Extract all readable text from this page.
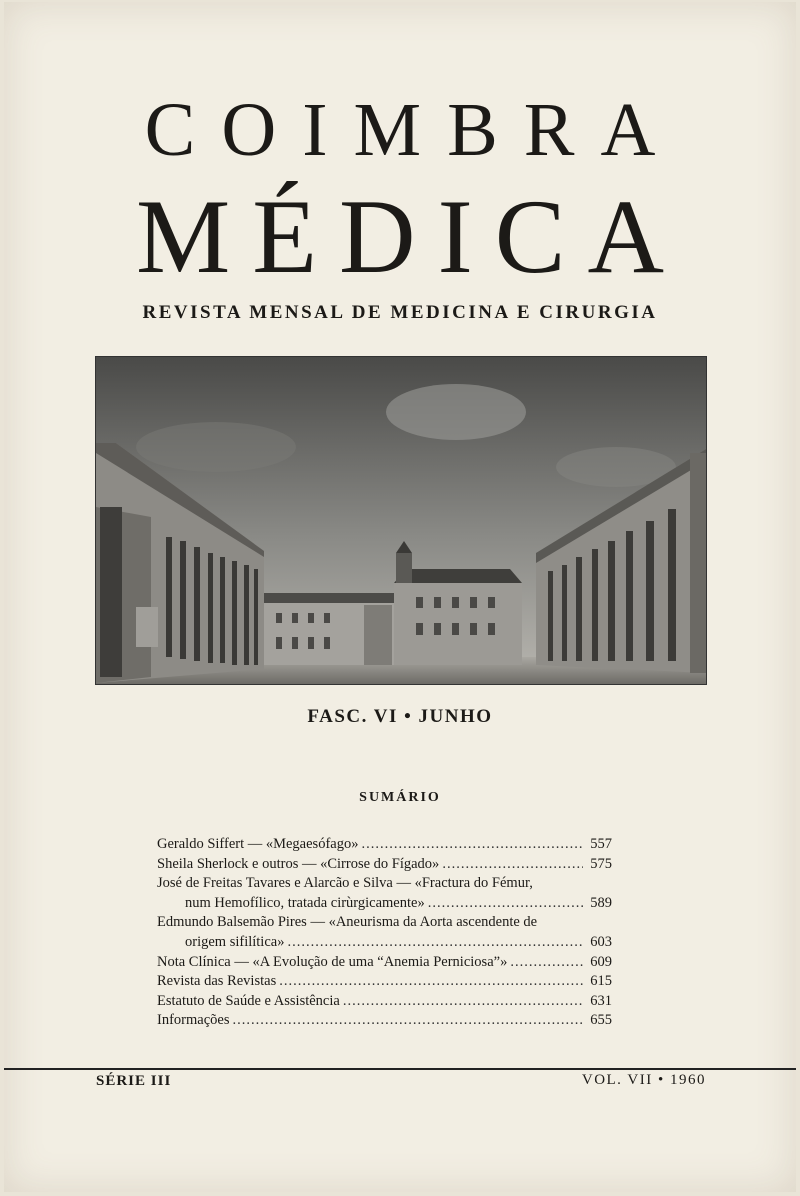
COIMBRA
MÉDICA
REVISTA MENSAL DE MEDICINA E CIRURGIA
FASC. VI • JUNHO
SUMÁRIO
Geraldo Siffert — «Megaesófago» .....	557
Sheila Sherlock e outros — «Cirrose do Fígado» .....	575
José de Freitas Tavares e Alarcão e Silva — «Fractura do Fémur,
num Hemofílico, tratada cirùrgicamente» .....	589
Edmundo Balsemão Pires — «Aneurisma da Aorta ascendente de
origem sifilítica» .....	603
Nota Clínica — «A Evolução de uma “Anemia Perniciosa”» .....	609
Revista das Revistas .....	615
Estatuto de Saúde e Assistência .....	631
Informações .....	655
SÉRIE III	VOL. VII • 1960
